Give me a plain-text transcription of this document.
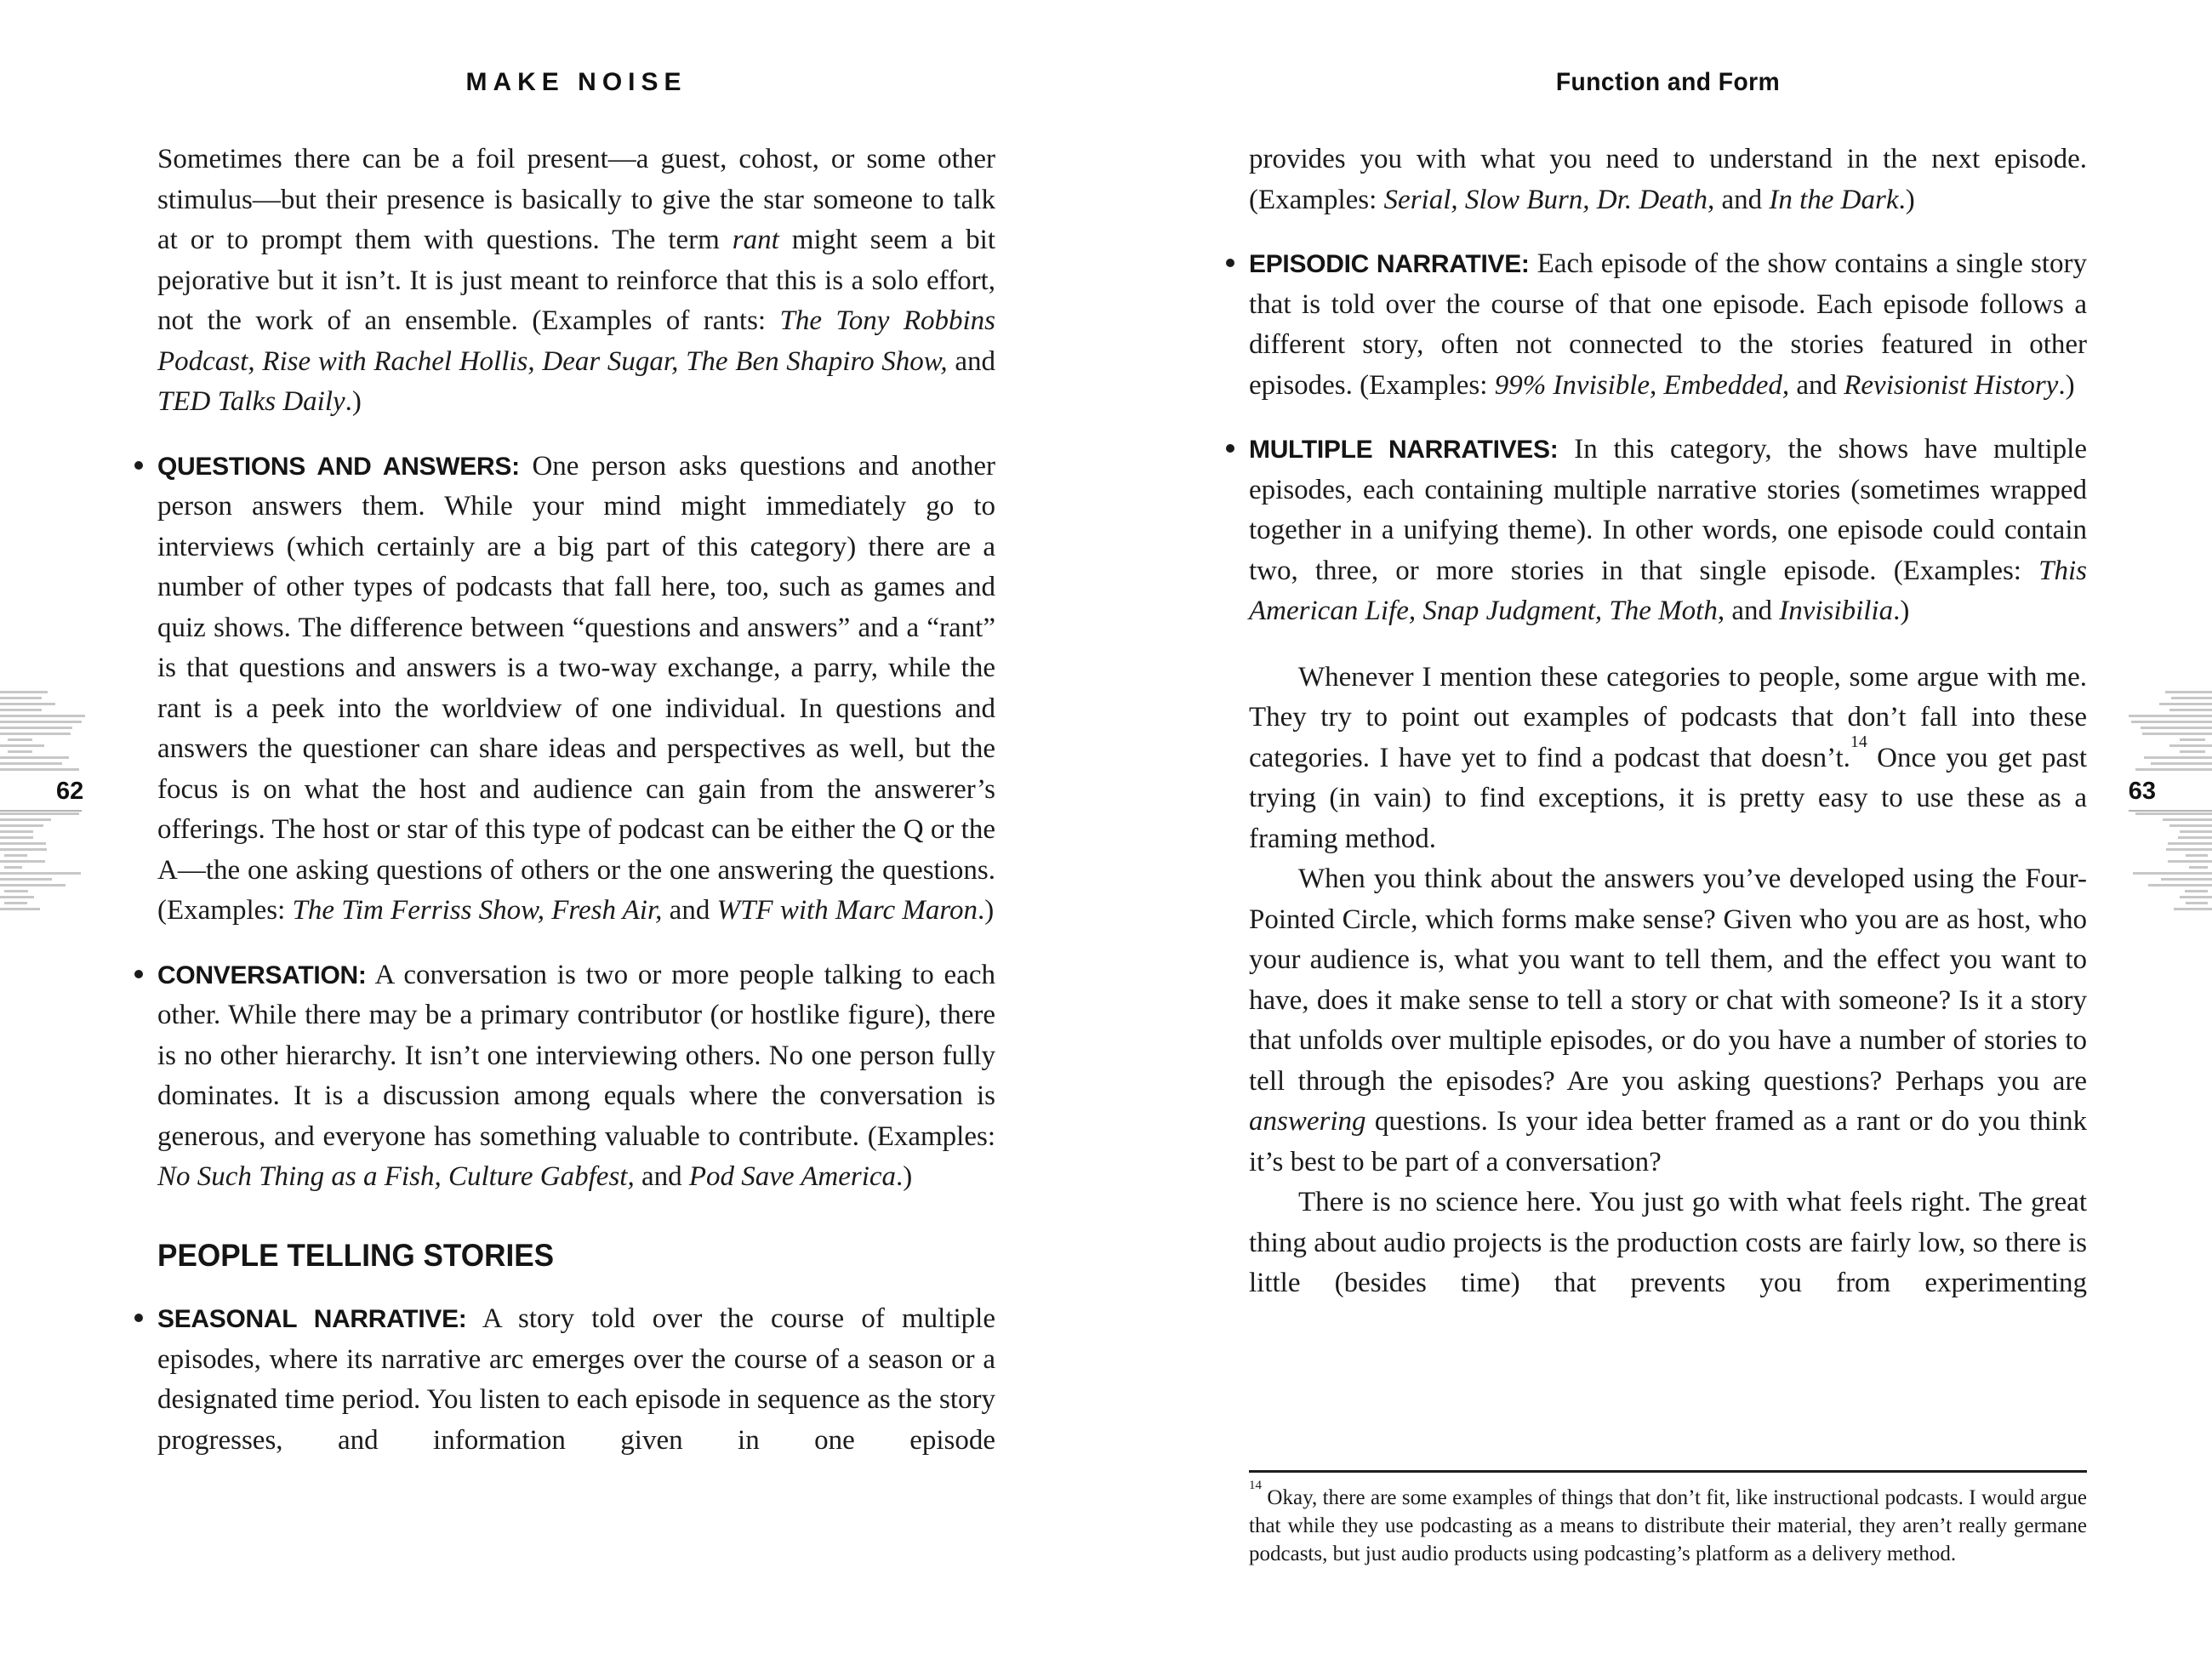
MAKE NOISE

Sometimes there can be a foil present—a guest, cohost, or some other stimulus—but their presence is basically to give the star someone to talk at or to prompt them with questions. The term rant might seem a bit pejorative but it isn’t. It is just meant to reinforce that this is a solo effort, not the work of an ensemble. (Examples of rants: The Tony Robbins Podcast, Rise with Rachel Hollis, Dear Sugar, The Ben Shapiro Show, and TED Talks Daily.)

QUESTIONS AND ANSWERS: One person asks questions and another person answers them. While your mind might immediately go to interviews (which certainly are a big part of this category) there are a number of other types of podcasts that fall here, too, such as games and quiz shows. The difference between “questions and answers” and a “rant” is that questions and answers is a two-way exchange, a parry, while the rant is a peek into the worldview of one individual. In questions and answers the questioner can share ideas and perspectives as well, but the focus is on what the host and audience can gain from the answerer’s offerings. The host or star of this type of podcast can be either the Q or the A—the one asking questions of others or the one answering the questions. (Examples: The Tim Ferriss Show, Fresh Air, and WTF with Marc Maron.)

CONVERSATION: A conversation is two or more people talking to each other. While there may be a primary contributor (or hostlike figure), there is no other hierarchy. It isn’t one interviewing others. No one person fully dominates. It is a discussion among equals where the conversation is generous, and everyone has something valuable to contribute. (Examples: No Such Thing as a Fish, Culture Gabfest, and Pod Save America.)

PEOPLE TELLING STORIES

SEASONAL NARRATIVE: A story told over the course of multiple episodes, where its narrative arc emerges over the course of a season or a designated time period. You listen to each episode in sequence as the story progresses, and information given in one episode

62
Function and Form

provides you with what you need to understand in the next episode. (Examples: Serial, Slow Burn, Dr. Death, and In the Dark.)

EPISODIC NARRATIVE: Each episode of the show contains a single story that is told over the course of that one episode. Each episode follows a different story, often not connected to the stories featured in other episodes. (Examples: 99% Invisible, Embedded, and Revisionist History.)

MULTIPLE NARRATIVES: In this category, the shows have multiple episodes, each containing multiple narrative stories (sometimes wrapped together in a unifying theme). In other words, one episode could contain two, three, or more stories in that single episode. (Examples: This American Life, Snap Judgment, The Moth, and Invisibilia.)

Whenever I mention these categories to people, some argue with me. They try to point out examples of podcasts that don’t fall into these categories. I have yet to find a podcast that doesn’t.$^{14}$ Once you get past trying (in vain) to find exceptions, it is pretty easy to use these as a framing method.

When you think about the answers you’ve developed using the Four-Pointed Circle, which forms make sense? Given who you are as host, who your audience is, what you want to tell them, and the effect you want to have, does it make sense to tell a story or chat with someone? Is it a story that unfolds over multiple episodes, or do you have a number of stories to tell through the episodes? Are you asking questions? Perhaps you are answering questions. Is your idea better framed as a rant or do you think it’s best to be part of a conversation?

There is no science here. You just go with what feels right. The great thing about audio projects is the production costs are fairly low, so there is little (besides time) that prevents you from experimenting

$^{14}$ Okay, there are some examples of things that don’t fit, like instructional podcasts. I would argue that while they use podcasting as a means to distribute their material, they aren’t really germane podcasts, but just audio products using podcasting’s platform as a delivery method.

63
